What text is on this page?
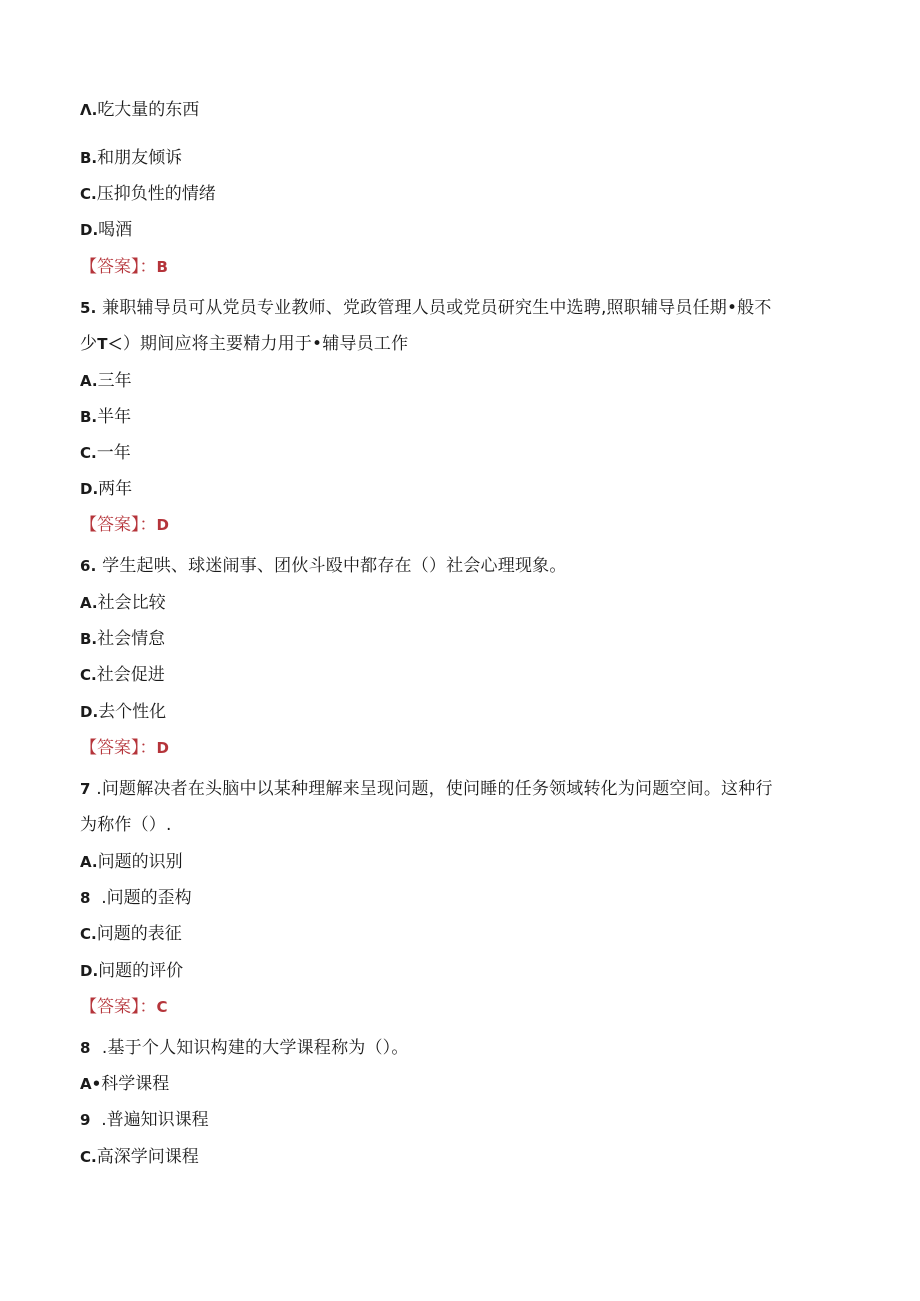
Λ.吃大量的东西
B.和朋友倾诉
C.压抑负性的情绪
D.喝酒
【答案】：B
5. 兼职辅导员可从党员专业教师、党政管理人员或党员研究生中选聘,照职辅导员任期•般不
少T＜）期间应将主要精力用于•辅导员工作
A.三年
B.半年
C.一年
D.两年
【答案】：D
6. 学生起哄、球迷闹事、团伙斗殴中都存在（）社会心理现象。
A.社会比较
B.社会情怠
C.社会促进
D.去个性化
【答案】：D
7 .问题解决者在头脑中以某种理解来呈现问题，使问睡的任务领域转化为问题空间。这种行
为称作（）.
A.问题的识别
8 .问题的歪构
C.问题的表征
D.问题的评价
【答案】：C
8 .基于个人知识构建的大学课程称为（）。
A•科学课程
9 .普遍知识课程
C.高深学问课程
